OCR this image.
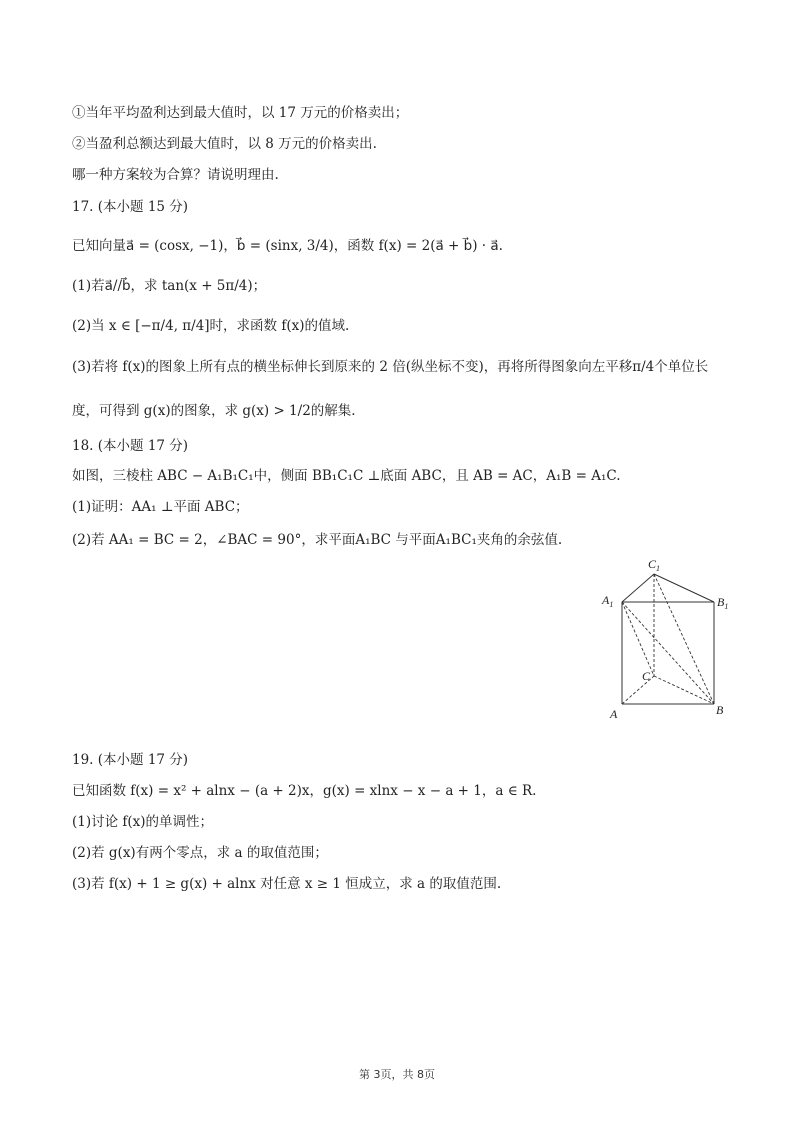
①当年平均盈利达到最大值时，以 17 万元的价格卖出；
②当盈利总额达到最大值时，以 8 万元的价格卖出.
哪一种方案较为合算？请说明理由.
17. (本小题 15 分)
已知向量a⃗ = (cosx, −1)，b⃗ = (sinx, 3/4)，函数 f(x) = 2(a⃗ + b⃗) · a⃗.
(1)若a⃗//b⃗，求 tan(x + 5π/4)；
(2)当 x ∈ [−π/4, π/4]时，求函数 f(x)的值域.
(3)若将 f(x)的图象上所有点的横坐标伸长到原来的 2 倍(纵坐标不变)，再将所得图象向左平移π/4个单位长
度，可得到 g(x)的图象，求 g(x) > 1/2的解集.
18. (本小题 17 分)
如图，三棱柱 ABC − A₁B₁C₁中，侧面 BB₁C₁C ⊥底面 ABC，且 AB = AC，A₁B = A₁C.
(1)证明：AA₁ ⊥平面 ABC；
(2)若 AA₁ = BC = 2，∠BAC = 90°，求平面A₁BC 与平面A₁BC₁夹角的余弦值.
$C_1$
$A_1$	$B_1$
C
A	B
19. (本小题 17 分)
已知函数 f(x) = x² + alnx − (a + 2)x，g(x) = xlnx − x − a + 1，a ∈ R.
(1)讨论 f(x)的单调性；
(2)若 g(x)有两个零点，求 a 的取值范围；
(3)若 f(x) + 1 ≥ g(x) + alnx 对任意 x ≥ 1 恒成立，求 a 的取值范围.
第 3页，共 8页
